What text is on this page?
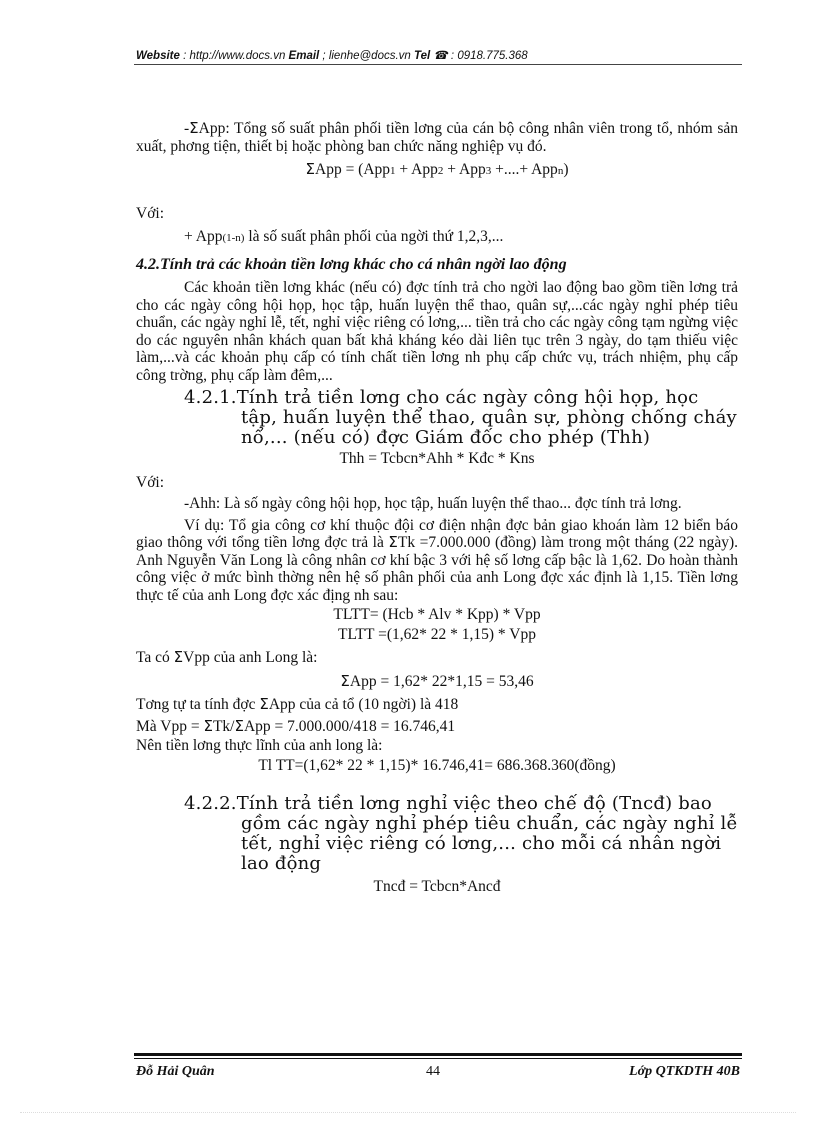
Website : http://www.docs.vn Email ; lienhe@docs.vn Tel ☎ : 0918.775.368

-ΣApp: Tổng số suất phân phối tiền lơng của cán bộ công nhân viên trong tổ, nhóm sản xuất, phơng tiện, thiết bị hoặc phòng ban chức năng nghiệp vụ đó.

ΣApp = (App1 + App2 + App3 +....+ Appn)

Với:

+ App(1-n) là số suất phân phối của ngời thứ 1,2,3,...

4.2.Tính trả các khoản tiền lơng khác cho cá nhân ngời lao động

Các khoản tiền lơng khác (nếu có) đợc tính trả cho ngời lao động bao gồm tiền lơng trả cho các ngày công hội họp, học tập, huấn luyện thể thao, quân sự,...các ngày nghỉ phép tiêu chuẩn, các ngày nghỉ lễ, tết, nghỉ việc riêng có lơng,... tiền trả cho các ngày công tạm ngừng việc do các nguyên nhân khách quan bất khả kháng kéo dài liên tục trên 3 ngày, do tạm thiếu việc làm,...và các khoản phụ cấp có tính chất tiền lơng nh phụ cấp chức vụ, trách nhiệm, phụ cấp công trờng, phụ cấp làm đêm,...

4.2.1.Tính trả tiền lơng cho các ngày công hội họp, học tập, huấn luyện thể thao, quân sự, phòng chống cháy nổ,... (nếu có) đợc Giám đốc cho phép (Thh)
Thh = Tcbcn*Ahh * Kđc * Kns

Với:

-Ahh: Là số ngày công hội họp, học tập, huấn luyện thể thao... đợc tính trả lơng.

Ví dụ: Tổ gia công cơ khí thuộc đội cơ điện nhận đợc bản giao khoán làm 12 biển báo giao thông với tổng tiền lơng đợc trả là ΣTk =7.000.000 (đồng) làm trong một tháng (22 ngày). Anh Nguyễn Văn Long là công nhân cơ khí bậc 3 với hệ số lơng cấp bậc là 1,62. Do hoàn thành công việc ở mức bình thờng nên hệ số phân phối của anh Long đợc xác định là 1,15. Tiền lơng thực tế của anh Long đợc xác địng nh sau:

TLTT= (Hcb * Alv * Kpp) * Vpp
TLTT =(1,62* 22 * 1,15) * Vpp

Ta có ΣVpp của anh Long là:

ΣApp = 1,62* 22*1,15 = 53,46

Tơng tự ta tính đợc ΣApp của cả tổ (10 ngời) là 418

Mà Vpp = ΣTk/ΣApp = 7.000.000/418 = 16.746,41

Nên tiền lơng thực lĩnh của anh long là:

Tl TT=(1,62* 22 * 1,15)* 16.746,41= 686.368.360(đồng)
4.2.2.Tính trả tiền lơng nghỉ việc theo chế độ (Tncđ) bao gồm các ngày nghỉ phép tiêu chuẩn, các ngày nghỉ lễ tết, nghỉ việc riêng có lơng,... cho mỗi cá nhân ngời lao động
Tncđ = Tcbcn*Ancđ
Đỗ Hải Quân	44	Lớp QTKDTH 40B
